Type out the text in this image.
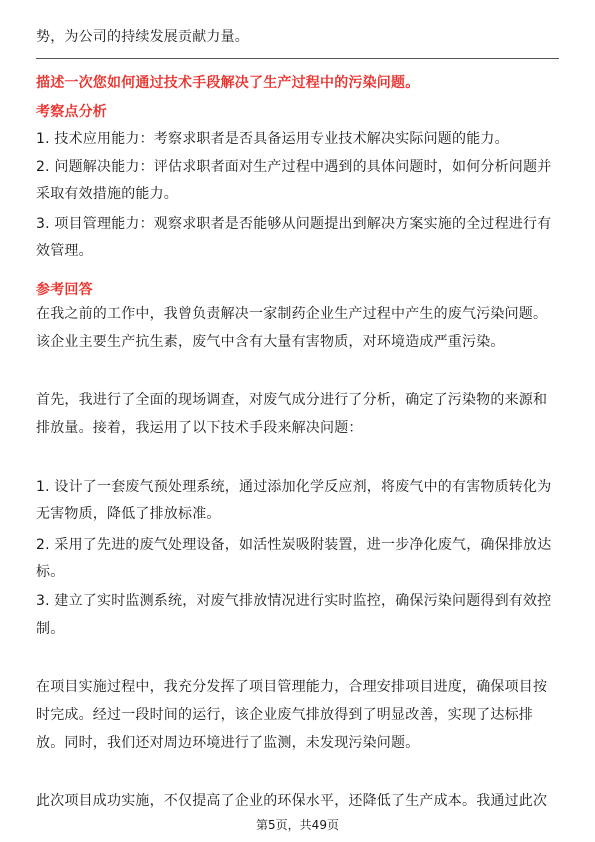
势，为公司的持续发展贡献力量。
描述一次您如何通过技术手段解决了生产过程中的污染问题。
考察点分析
1. 技术应用能力：考察求职者是否具备运用专业技术解决实际问题的能力。
2. 问题解决能力：评估求职者面对生产过程中遇到的具体问题时，如何分析问题并
采取有效措施的能力。
3. 项目管理能力：观察求职者是否能够从问题提出到解决方案实施的全过程进行有
效管理。
参考回答
在我之前的工作中，我曾负责解决一家制药企业生产过程中产生的废气污染问题。
该企业主要生产抗生素，废气中含有大量有害物质，对环境造成严重污染。
首先，我进行了全面的现场调查，对废气成分进行了分析，确定了污染物的来源和
排放量。接着，我运用了以下技术手段来解决问题：
1. 设计了一套废气预处理系统，通过添加化学反应剂，将废气中的有害物质转化为
无害物质，降低了排放标准。
2. 采用了先进的废气处理设备，如活性炭吸附装置，进一步净化废气，确保排放达
标。
3. 建立了实时监测系统，对废气排放情况进行实时监控，确保污染问题得到有效控
制。
在项目实施过程中，我充分发挥了项目管理能力，合理安排项目进度，确保项目按
时完成。经过一段时间的运行，该企业废气排放得到了明显改善，实现了达标排
放。同时，我们还对周边环境进行了监测，未发现污染问题。
此次项目成功实施，不仅提高了企业的环保水平，还降低了生产成本。我通过此次
第5页，共49页
